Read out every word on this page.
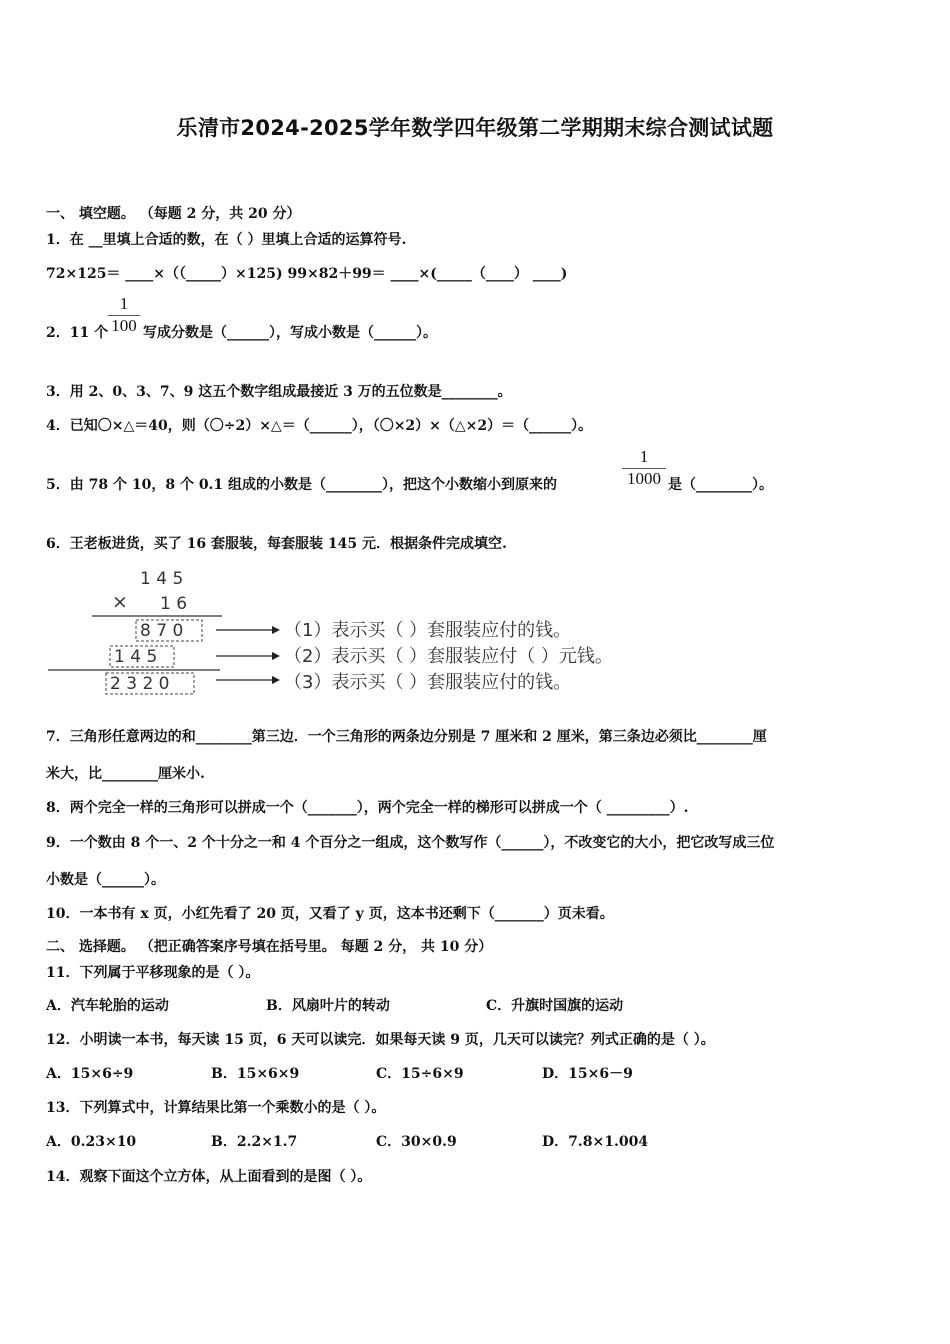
乐清市2024-2025学年数学四年级第二学期期末综合测试试题
一、 填空题。 （每题 2 分，共 20 分）
1．在 __里填上合适的数，在（ ）里填上合适的运算符号.
72×125＝ ____×（（_____）×125) 99×82＋99＝ ____×(_____（____） ____)
2．11 个
1
100 写成分数是（______），写成小数是（______）。
3．用 2、0、3、7、9 这五个数字组成最接近 3 万的五位数是________。
4．已知〇×△＝40，则（〇÷2）×△＝（______），（〇×2）×（△×2）＝（______）。
5．由 78 个 10，8 个 0.1 组成的小数是（________），把这个小数缩小到原来的
1
1000 是（________）。
6．王老板进货，买了 16 套服装，每套服装 145 元．根据条件完成填空.
1 4 5
× 1 6
8 7 0
1 4 5
2 3 2 0
（1）表示买（ ）套服装应付的钱。
（2）表示买（ ）套服装应付（ ）元钱。
（3）表示买（ ）套服装应付的钱。
7．三角形任意两边的和________第三边．一个三角形的两条边分别是 7 厘米和 2 厘米，第三条边必须比________厘
米大，比________厘米小.
8．两个完全一样的三角形可以拼成一个（_______），两个完全一样的梯形可以拼成一个（ _________）.
9．一个数由 8 个一、2 个十分之一和 4 个百分之一组成，这个数写作（______），不改变它的大小，把它改写成三位
小数是（______）。
10．一本书有 x 页，小红先看了 20 页，又看了 y 页，这本书还剩下（_______）页未看。
二、 选择题。 （把正确答案序号填在括号里。 每题 2 分， 共 10 分）
11．下列属于平移现象的是（ ）。
A．汽车轮胎的运动	B．风扇叶片的转动	C．升旗时国旗的运动
12．小明读一本书，每天读 15 页，6 天可以读完．如果每天读 9 页，几天可以读完？列式正确的是（ ）。
A．15×6÷9	B．15×6×9	C．15÷6×9	D．15×6－9
13．下列算式中，计算结果比第一个乘数小的是（ ）。
A．0.23×10	B．2.2×1.7	C．30×0.9	D．7.8×1.004
14．观察下面这个立方体，从上面看到的是图（ ）。
